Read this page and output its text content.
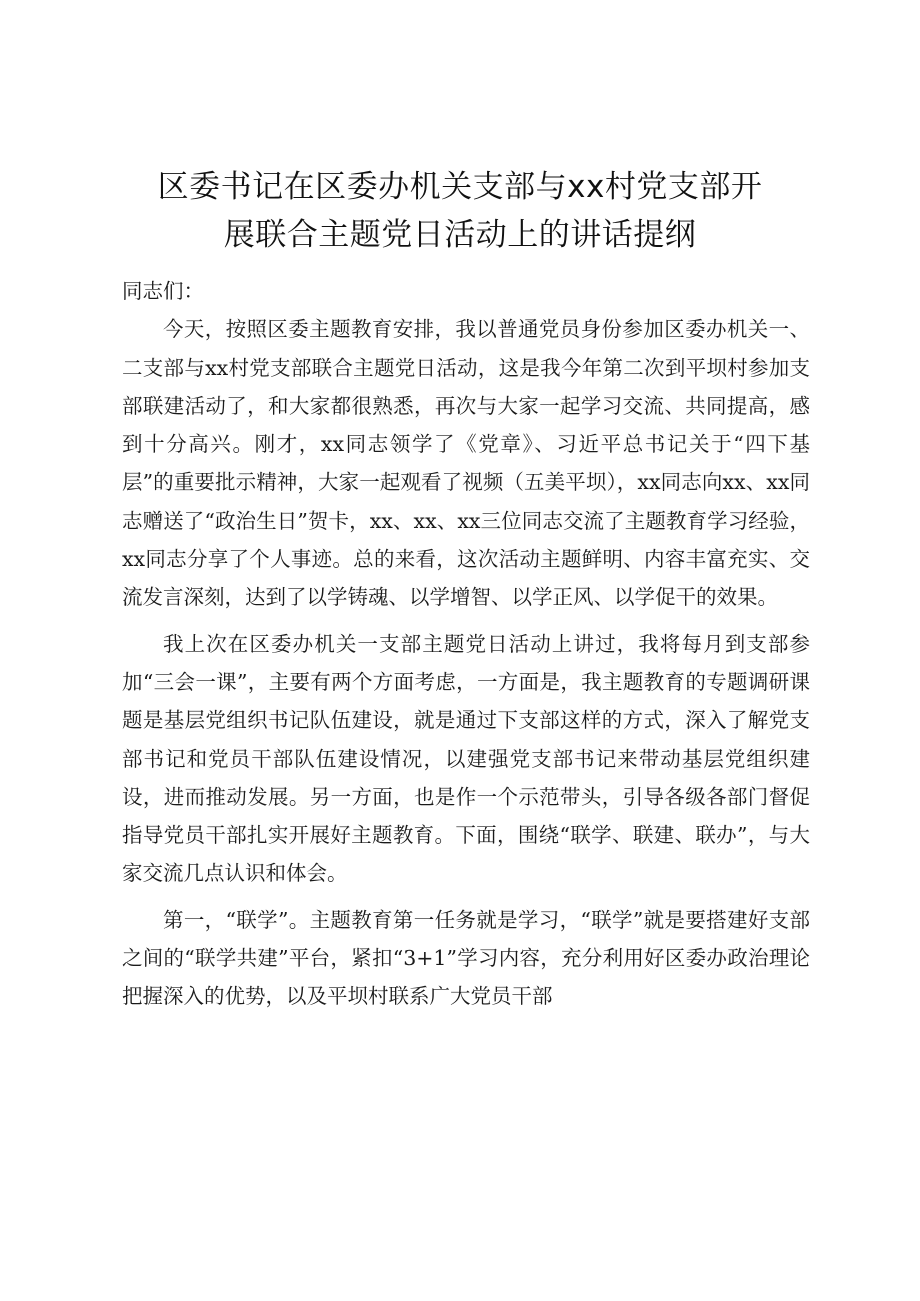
区委书记在区委办机关支部与xx村党支部开
展联合主题党日活动上的讲话提纲

同志们：

今天，按照区委主题教育安排，我以普通党员身份参加区委办机关一、二支部与xx村党支部联合主题党日活动，这是我今年第二次到平坝村参加支部联建活动了，和大家都很熟悉，再次与大家一起学习交流、共同提高，感到十分高兴。刚才，xx同志领学了《党章》、习近平总书记关于“四下基层”的重要批示精神，大家一起观看了视频（五美平坝），xx同志向xx、xx同志赠送了“政治生日”贺卡，xx、xx、xx三位同志交流了主题教育学习经验，xx同志分享了个人事迹。总的来看，这次活动主题鲜明、内容丰富充实、交流发言深刻，达到了以学铸魂、以学增智、以学正风、以学促干的效果。

我上次在区委办机关一支部主题党日活动上讲过，我将每月到支部参加“三会一课”，主要有两个方面考虑，一方面是，我主题教育的专题调研课题是基层党组织书记队伍建设，就是通过下支部这样的方式，深入了解党支部书记和党员干部队伍建设情况，以建强党支部书记来带动基层党组织建设，进而推动发展。另一方面，也是作一个示范带头，引导各级各部门督促指导党员干部扎实开展好主题教育。下面，围绕“联学、联建、联办”，与大家交流几点认识和体会。

第一，“联学”。主题教育第一任务就是学习，“联学”就是要搭建好支部之间的“联学共建”平台，紧扣“3+1”学习内容，充分利用好区委办政治理论把握深入的优势，以及平坝村联系广大党员干部
